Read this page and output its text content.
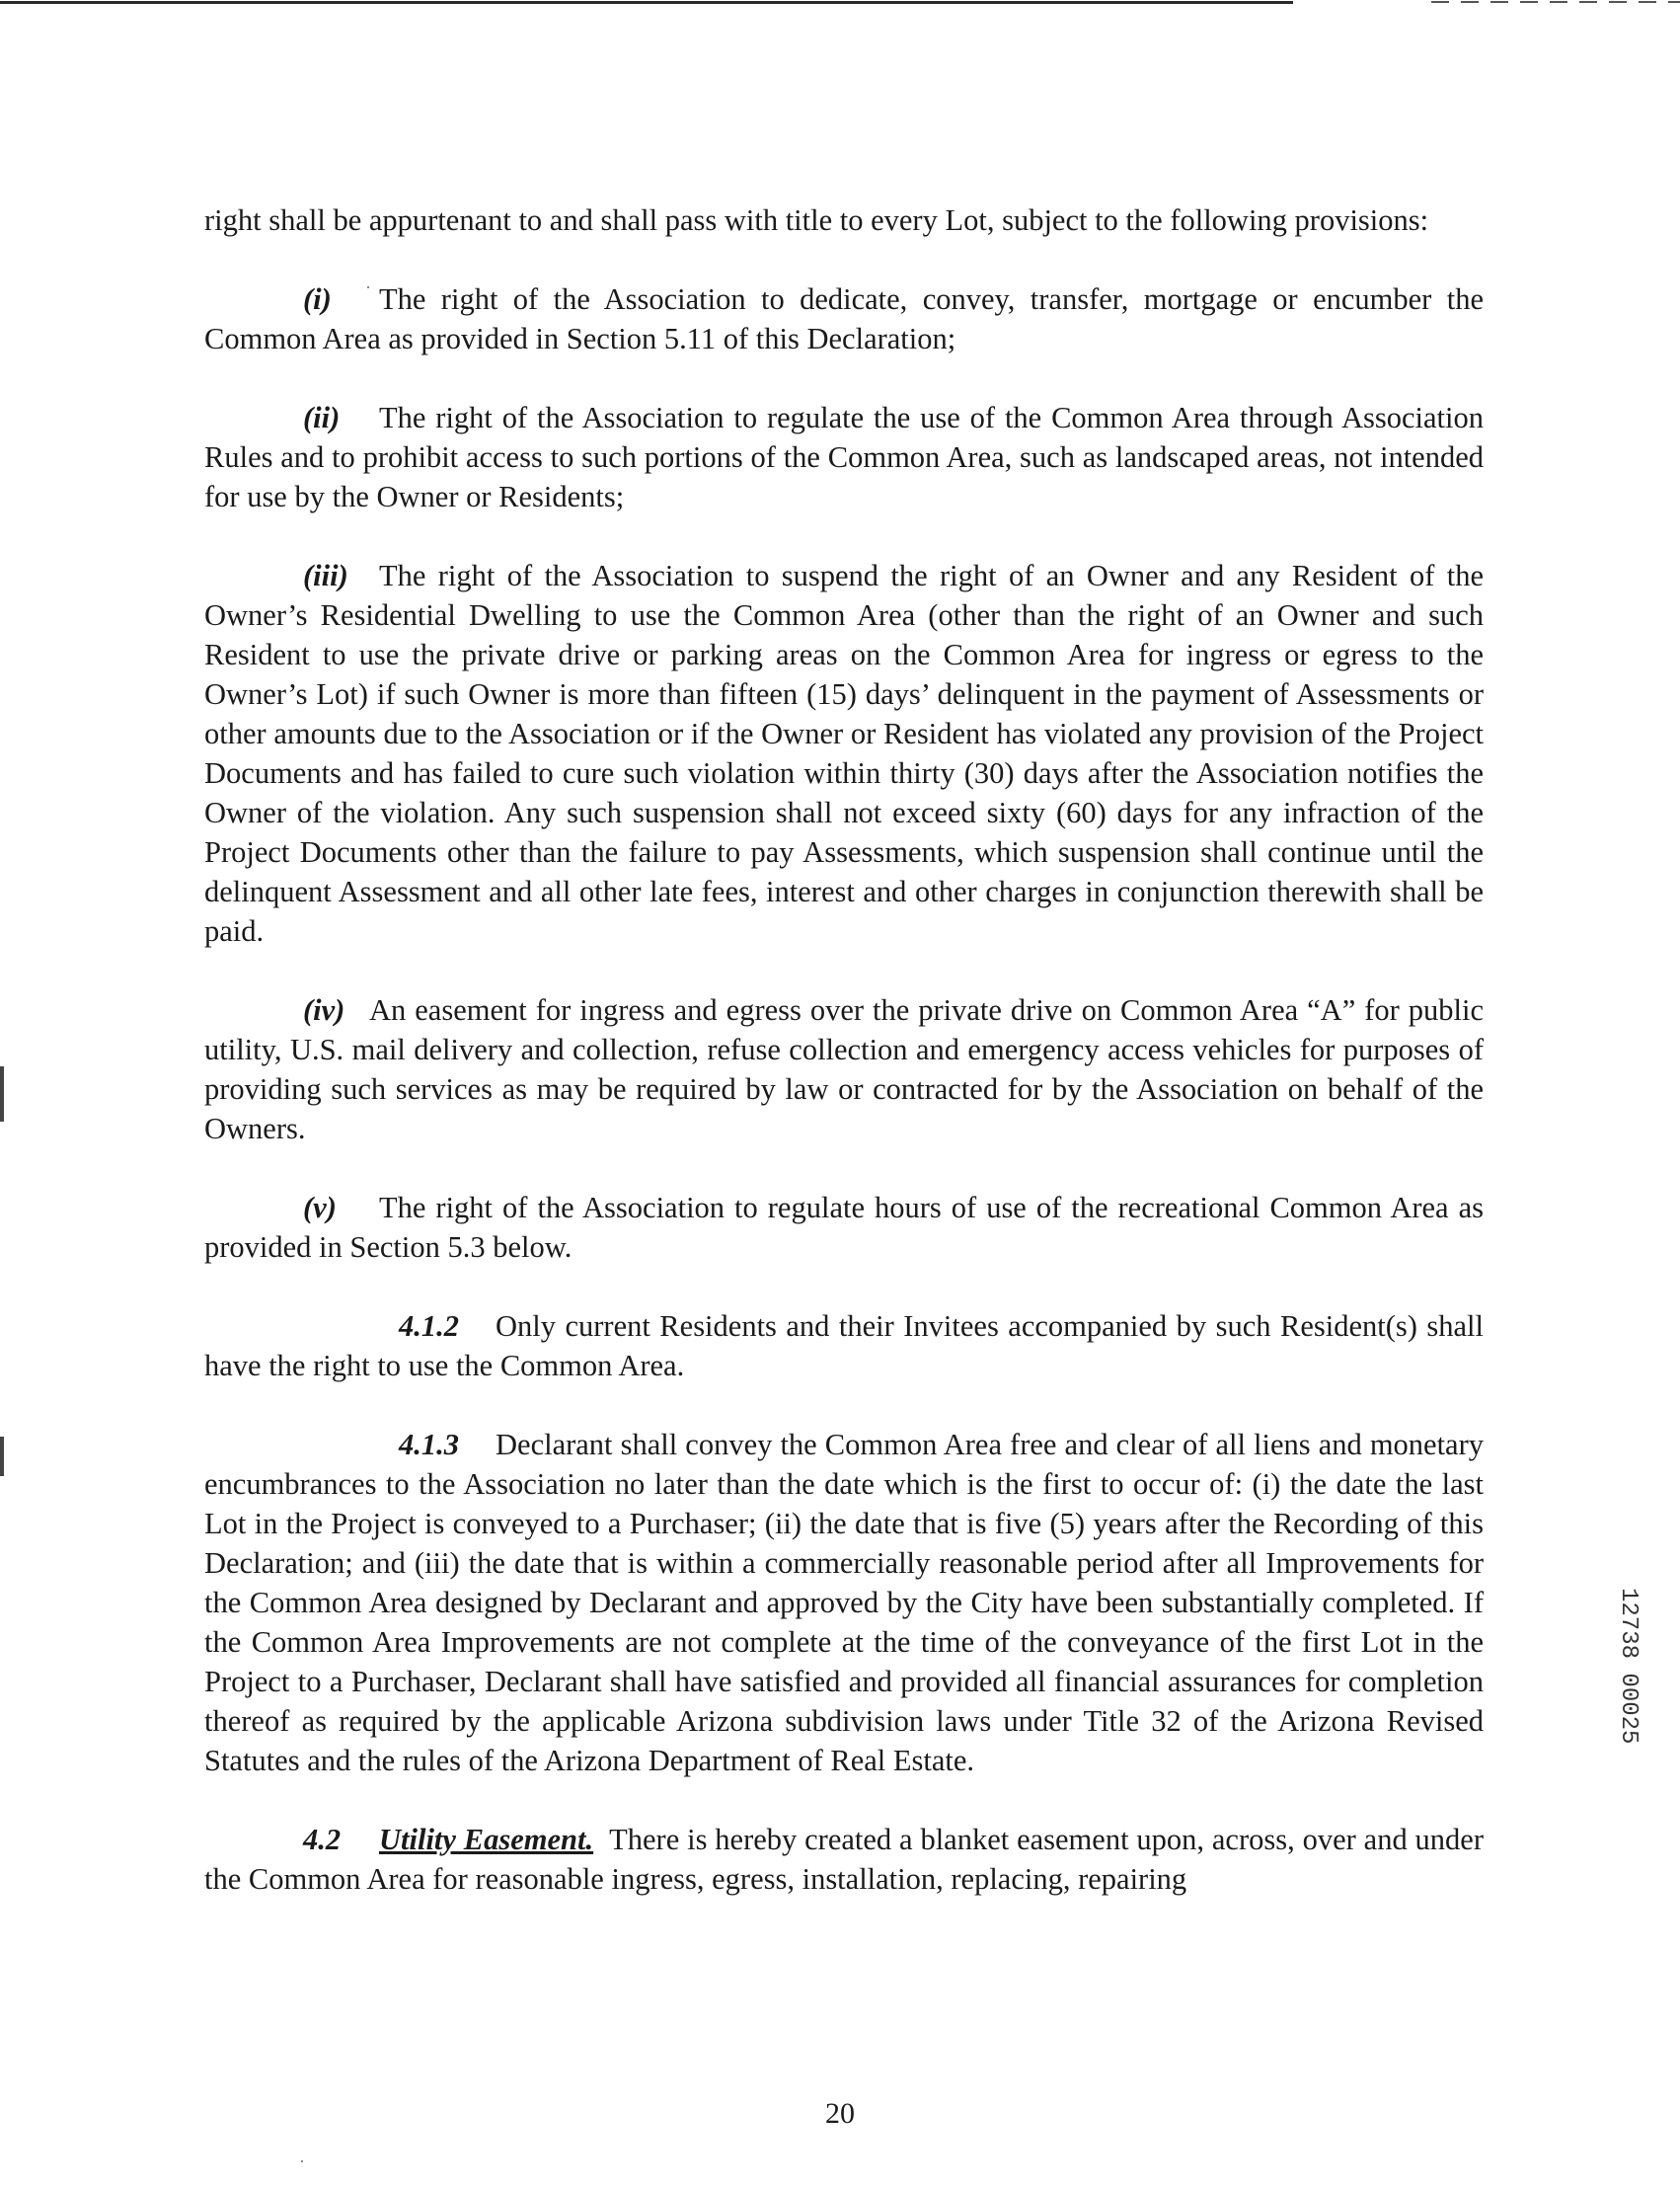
right shall be appurtenant to and shall pass with title to every Lot, subject to the following provisions:

(i) The right of the Association to dedicate, convey, transfer, mortgage or encumber the Common Area as provided in Section 5.11 of this Declaration;

(ii) The right of the Association to regulate the use of the Common Area through Association Rules and to prohibit access to such portions of the Common Area, such as landscaped areas, not intended for use by the Owner or Residents;

(iii) The right of the Association to suspend the right of an Owner and any Resident of the Owner’s Residential Dwelling to use the Common Area (other than the right of an Owner and such Resident to use the private drive or parking areas on the Common Area for ingress or egress to the Owner’s Lot) if such Owner is more than fifteen (15) days’ delinquent in the payment of Assessments or other amounts due to the Association or if the Owner or Resident has violated any provision of the Project Documents and has failed to cure such violation within thirty (30) days after the Association notifies the Owner of the violation. Any such suspension shall not exceed sixty (60) days for any infraction of the Project Documents other than the failure to pay Assessments, which suspension shall continue until the delinquent Assessment and all other late fees, interest and other charges in conjunction therewith shall be paid.

(iv) An easement for ingress and egress over the private drive on Common Area “A” for public utility, U.S. mail delivery and collection, refuse collection and emergency access vehicles for purposes of providing such services as may be required by law or contracted for by the Association on behalf of the Owners.

(v) The right of the Association to regulate hours of use of the recreational Common Area as provided in Section 5.3 below.

4.1.2 Only current Residents and their Invitees accompanied by such Resident(s) shall have the right to use the Common Area.

4.1.3 Declarant shall convey the Common Area free and clear of all liens and monetary encumbrances to the Association no later than the date which is the first to occur of: (i) the date the last Lot in the Project is conveyed to a Purchaser; (ii) the date that is five (5) years after the Recording of this Declaration; and (iii) the date that is within a commercially reasonable period after all Improvements for the Common Area designed by Declarant and approved by the City have been substantially completed. If the Common Area Improvements are not complete at the time of the conveyance of the first Lot in the Project to a Purchaser, Declarant shall have satisfied and provided all financial assurances for completion thereof as required by the applicable Arizona subdivision laws under Title 32 of the Arizona Revised Statutes and the rules of the Arizona Department of Real Estate.

4.2 Utility Easement. There is hereby created a blanket easement upon, across, over and under the Common Area for reasonable ingress, egress, installation, replacing, repairing

12738 00025
20
